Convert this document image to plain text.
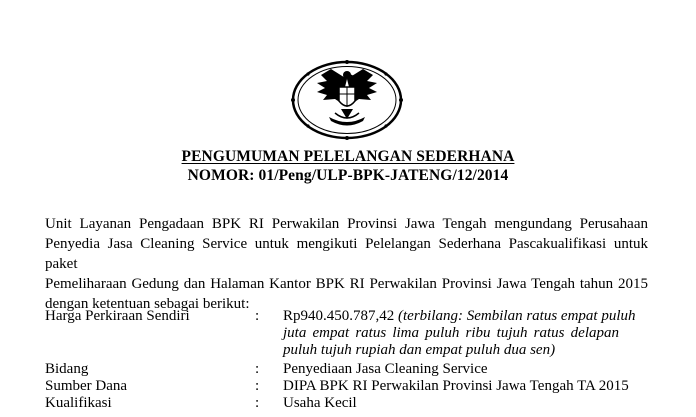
PENGUMUMAN PELELANGAN SEDERHANA
NOMOR: 01/Peng/ULP-BPK-JATENG/12/2014
Unit Layanan Pengadaan BPK RI Perwakilan Provinsi Jawa Tengah mengundang Perusahaan
Penyedia Jasa Cleaning Service untuk mengikuti Pelelangan Sederhana Pascakualifikasi untuk paket
Pemeliharaan Gedung dan Halaman Kantor BPK RI Perwakilan Provinsi Jawa Tengah tahun 2015
dengan ketentuan sebagai berikut:
Harga Perkiraan Sendiri	: Rp940.450.787,42 (terbilang: Sembilan ratus empat puluh
juta empat ratus lima puluh ribu tujuh ratus delapan
puluh tujuh rupiah dan empat puluh dua sen)
Bidang	: Penyediaan Jasa Cleaning Service
Sumber Dana	: DIPA BPK RI Perwakilan Provinsi Jawa Tengah TA 2015
Kualifikasi	: Usaha Kecil
